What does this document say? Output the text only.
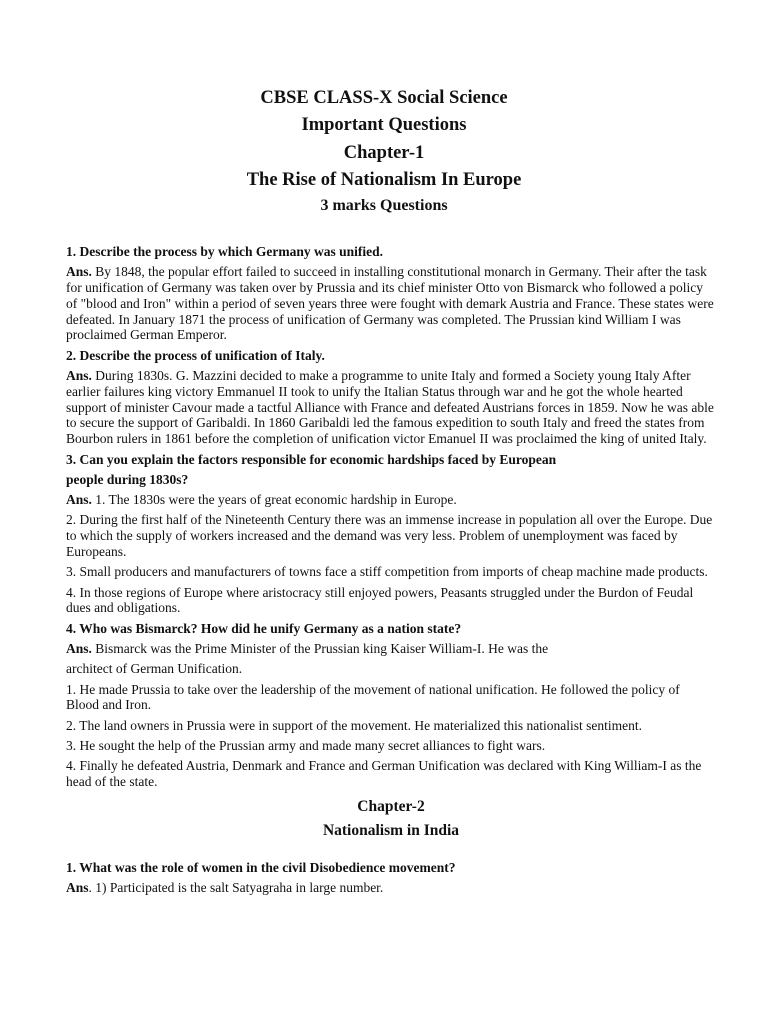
CBSE CLASS-X Social Science
Important Questions
Chapter-1
The Rise of Nationalism In Europe
3 marks Questions
1. Describe the process by which Germany was unified.
Ans. By 1848, the popular effort failed to succeed in installing constitutional monarch in Germany. Their after the task for unification of Germany was taken over by Prussia and its chief minister Otto von Bismarck who followed a policy of "blood and Iron" within a period of seven years three were fought with demark Austria and France. These states were defeated. In January 1871 the process of unification of Germany was completed. The Prussian kind William I was proclaimed German Emperor.
2. Describe the process of unification of Italy.
Ans. During 1830s. G. Mazzini decided to make a programme to unite Italy and formed a Society young Italy After earlier failures king victory Emmanuel II took to unify the Italian Status through war and he got the whole hearted support of minister Cavour made a tactful Alliance with France and defeated Austrians forces in 1859. Now he was able to secure the support of Garibaldi. In 1860 Garibaldi led the famous expedition to south Italy and freed the states from Bourbon rulers in 1861 before the completion of unification victor Emanuel II was proclaimed the king of united Italy.
3. Can you explain the factors responsible for economic hardships faced by European
people during 1830s?
Ans. 1. The 1830s were the years of great economic hardship in Europe.
2. During the first half of the Nineteenth Century there was an immense increase in population all over the Europe. Due to which the supply of workers increased and the demand was very less. Problem of unemployment was faced by Europeans.
3. Small producers and manufacturers of towns face a stiff competition from imports of cheap machine made products.
4. In those regions of Europe where aristocracy still enjoyed powers, Peasants struggled under the Burdon of Feudal dues and obligations.
4. Who was Bismarck? How did he unify Germany as a nation state?
Ans. Bismarck was the Prime Minister of the Prussian king Kaiser William-I. He was the
architect of German Unification.
1. He made Prussia to take over the leadership of the movement of national unification. He followed the policy of Blood and Iron.
2. The land owners in Prussia were in support of the movement. He materialized this nationalist sentiment.
3. He sought the help of the Prussian army and made many secret alliances to fight wars.
4. Finally he defeated Austria, Denmark and France and German Unification was declared with King William-I as the head of the state.
Chapter-2
Nationalism in India
1. What was the role of women in the civil Disobedience movement?
Ans. 1) Participated is the salt Satyagraha in large number.
